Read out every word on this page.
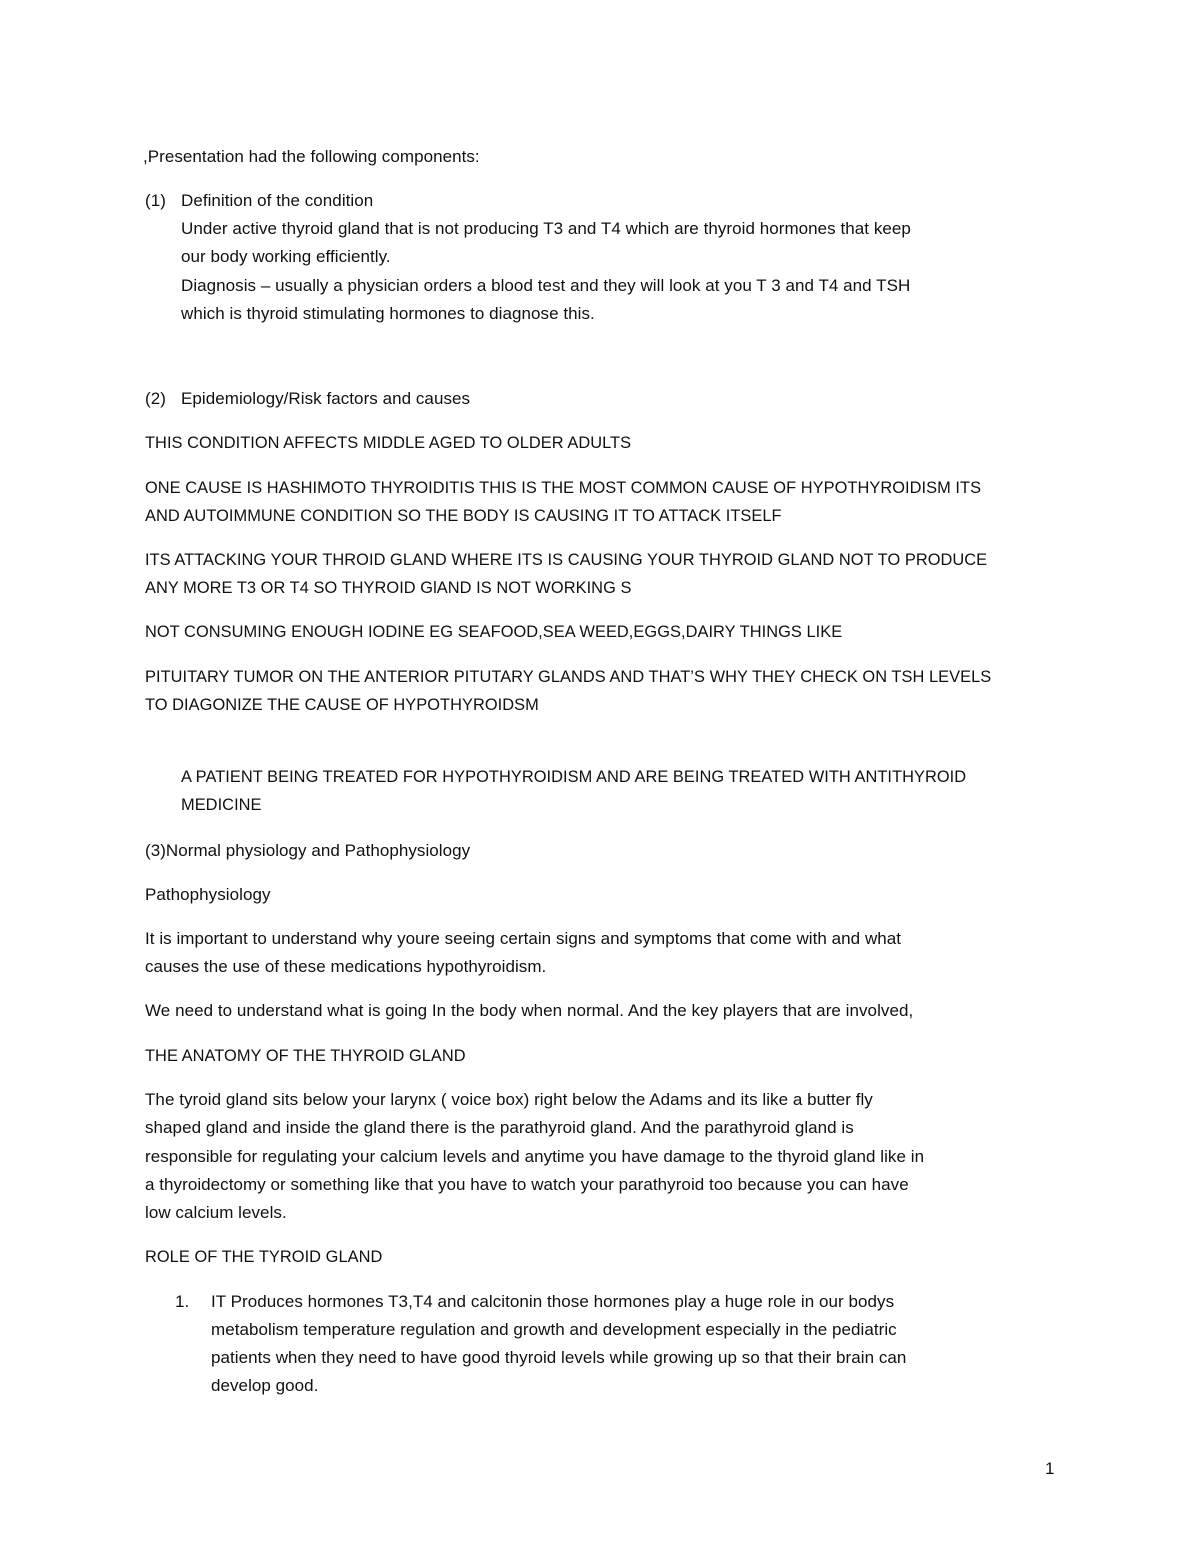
,Presentation had the following components:
(1) Definition of the condition
Under active thyroid gland that is not producing T3 and T4 which are thyroid hormones that keep
our body working efficiently.
Diagnosis – usually a physician orders a blood test and they will look at you T 3 and T4 and TSH
which is thyroid stimulating hormones to diagnose this.
(2) Epidemiology/Risk factors and causes
THIS CONDITION AFFECTS MIDDLE AGED TO OLDER ADULTS
ONE CAUSE IS HASHIMOTO THYROIDITIS THIS IS THE MOST COMMON CAUSE OF HYPOTHYROIDISM ITS
AND AUTOIMMUNE CONDITION SO THE BODY IS CAUSING IT TO ATTACK ITSELF
ITS ATTACKING YOUR THROID GLAND WHERE ITS IS CAUSING YOUR THYROID GLAND NOT TO PRODUCE
ANY MORE T3 OR T4 SO THYROID GlAND IS NOT WORKING S
NOT CONSUMING ENOUGH IODINE EG SEAFOOD,SEA WEED,EGGS,DAIRY THINGS LIKE
PITUITARY TUMOR ON THE ANTERIOR PITUTARY GLANDS AND THAT’S WHY THEY CHECK ON TSH LEVELS
TO DIAGONIZE THE CAUSE OF HYPOTHYROIDSM
A PATIENT BEING TREATED FOR HYPOTHYROIDISM AND ARE BEING TREATED WITH ANTITHYROID
MEDICINE
(3)Normal physiology and Pathophysiology
Pathophysiology
It is important to understand why youre seeing certain signs and symptoms that come with and what
causes the use of these medications hypothyroidism.
We need to understand what is going In the body when normal. And the key players that are involved,
THE ANATOMY OF THE THYROID GLAND
The tyroid gland sits below your larynx ( voice box) right below the Adams and its like a butter fly
shaped gland and inside the gland there is the parathyroid gland. And the parathyroid gland is
responsible for regulating your calcium levels and anytime you have damage to the thyroid gland like in
a thyroidectomy or something like that you have to watch your parathyroid too because you can have
low calcium levels.
ROLE OF THE TYROID GLAND
1. IT Produces hormones T3,T4 and calcitonin those hormones play a huge role in our bodys
metabolism temperature regulation and growth and development especially in the pediatric
patients when they need to have good thyroid levels while growing up so that their brain can
develop good.
1
